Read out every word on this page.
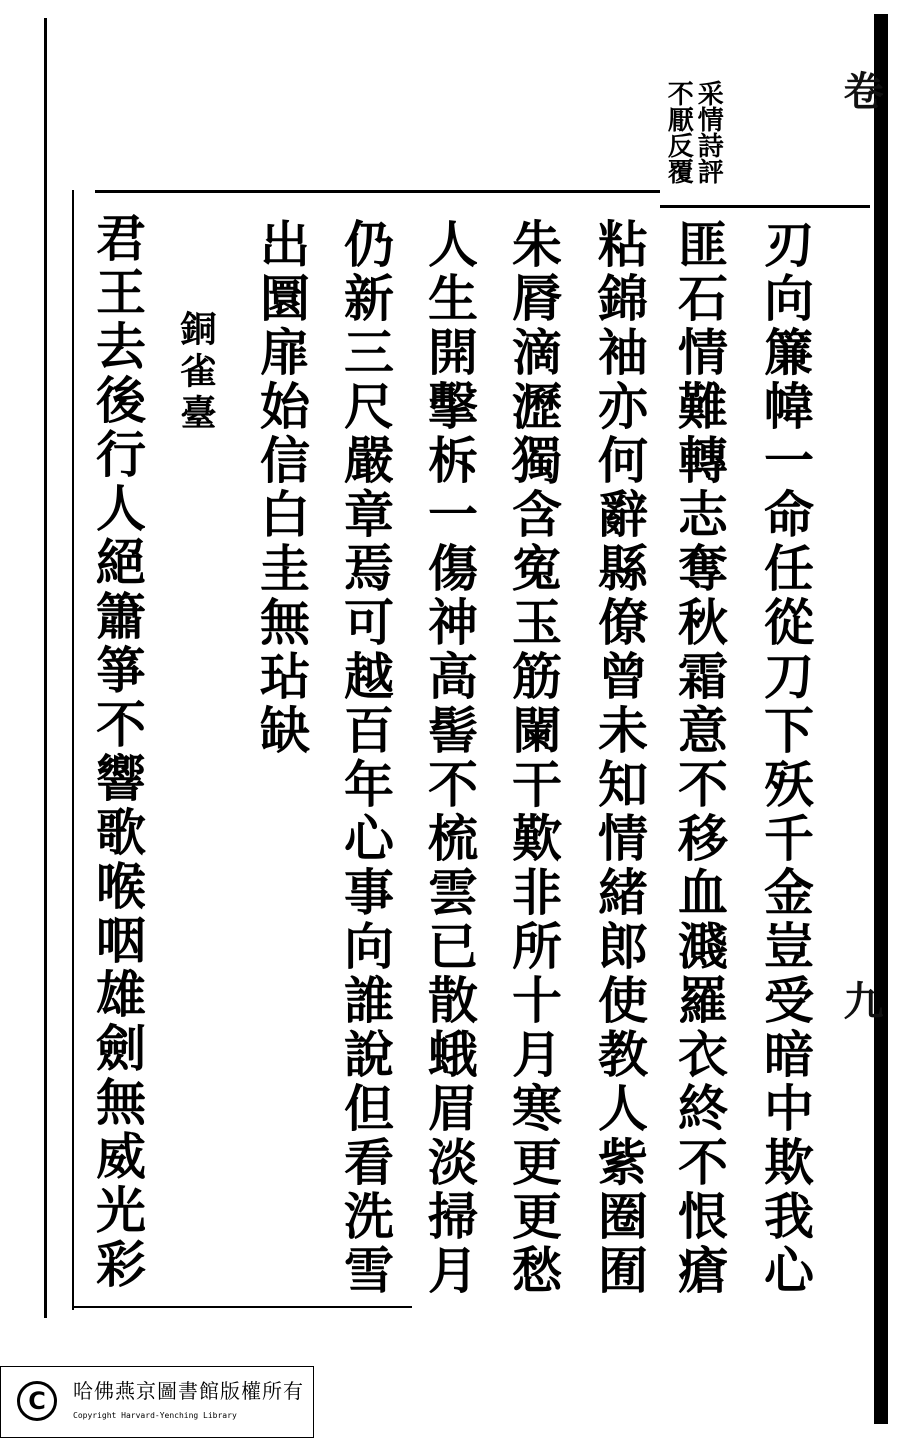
卷
九
采情詩評
不厭反覆
刃向簾幃一命任從刀下殀千金豈受暗中欺我心
匪石情難轉志奪秋霜意不移血濺羅衣終不恨瘡
粘錦袖亦何辭縣僚曾未知情緒郎使教人紫圈囿
朱脣滴瀝獨含寃玉筋闌干歎非所十月寒更更愁
人生開擊柝一傷神高髻不梳雲已散蛾眉淡掃月
仍新三尺嚴章焉可越百年心事向誰說但看洗雪
出圜扉始信白圭無玷缺
銅雀臺
君王去後行人絕簫箏不響歌喉咽雄劍無威光彩
C	哈佛燕京圖書館版權所有
Copyright Harvard-Yenching Library
